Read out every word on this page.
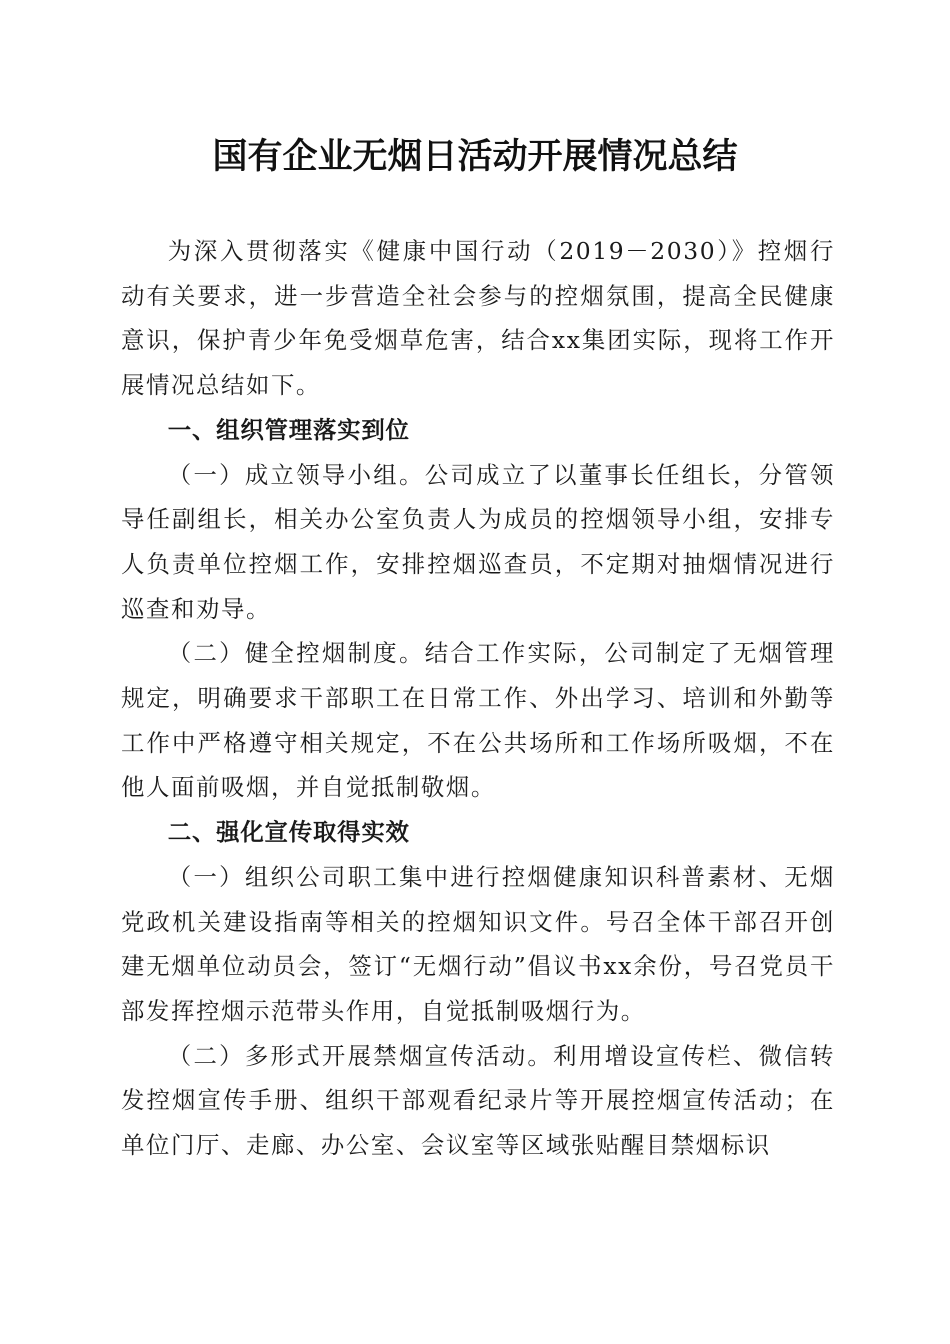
国有企业无烟日活动开展情况总结

为深入贯彻落实《健康中国行动（2019－2030）》控烟行动有关要求，进一步营造全社会参与的控烟氛围，提高全民健康意识，保护青少年免受烟草危害，结合xx集团实际，现将工作开展情况总结如下。

一、组织管理落实到位

（一）成立领导小组。公司成立了以董事长任组长，分管领导任副组长，相关办公室负责人为成员的控烟领导小组，安排专人负责单位控烟工作，安排控烟巡查员，不定期对抽烟情况进行巡查和劝导。

（二）健全控烟制度。结合工作实际，公司制定了无烟管理规定，明确要求干部职工在日常工作、外出学习、培训和外勤等工作中严格遵守相关规定，不在公共场所和工作场所吸烟，不在他人面前吸烟，并自觉抵制敬烟。

二、强化宣传取得实效

（一）组织公司职工集中进行控烟健康知识科普素材、无烟党政机关建设指南等相关的控烟知识文件。号召全体干部召开创建无烟单位动员会，签订“无烟行动”倡议书xx余份，号召党员干部发挥控烟示范带头作用，自觉抵制吸烟行为。

（二）多形式开展禁烟宣传活动。利用增设宣传栏、微信转发控烟宣传手册、组织干部观看纪录片等开展控烟宣传活动；在单位门厅、走廊、办公室、会议室等区域张贴醒目禁烟标识
